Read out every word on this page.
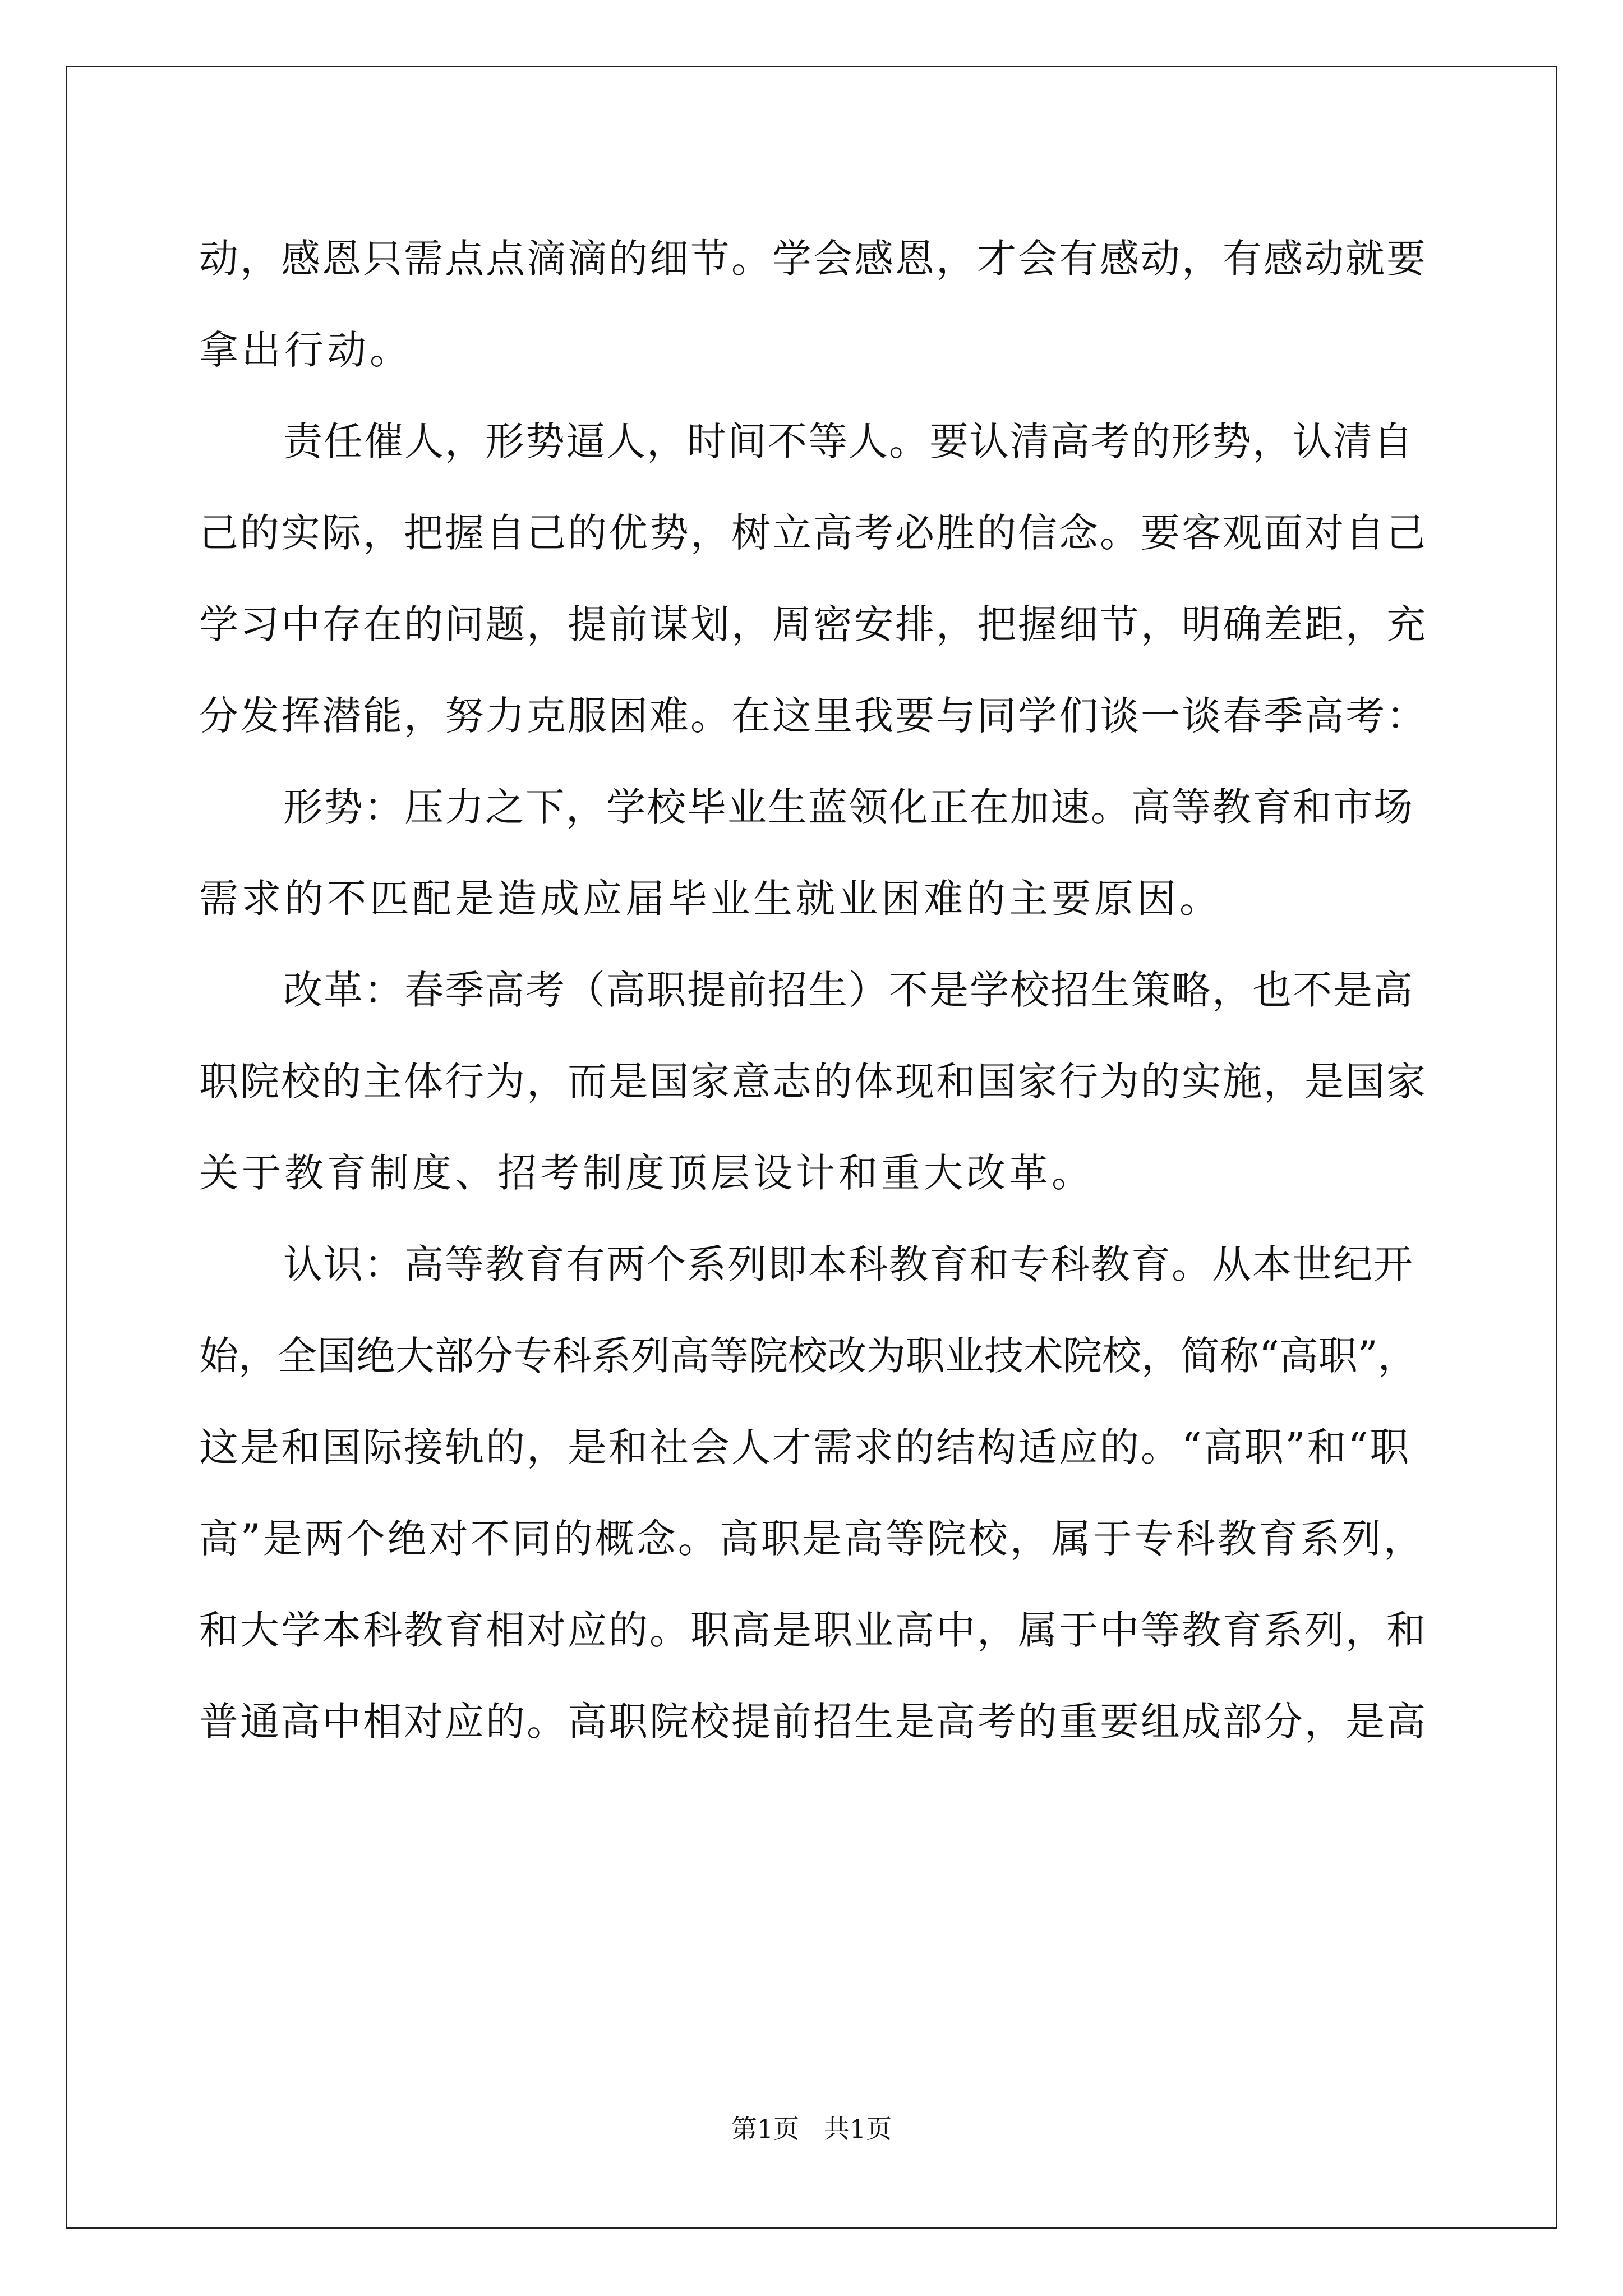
动，感恩只需点点滴滴的细节。学会感恩，才会有感动，有感动就要
拿出行动。
责任催人，形势逼人，时间不等人。要认清高考的形势，认清自
己的实际，把握自己的优势，树立高考必胜的信念。要客观面对自己
学习中存在的问题，提前谋划，周密安排，把握细节，明确差距，充
分发挥潜能，努力克服困难。在这里我要与同学们谈一谈春季高考：
形势：压力之下，学校毕业生蓝领化正在加速。高等教育和市场
需求的不匹配是造成应届毕业生就业困难的主要原因。
改革：春季高考（高职提前招生）不是学校招生策略，也不是高
职院校的主体行为，而是国家意志的体现和国家行为的实施，是国家
关于教育制度、招考制度顶层设计和重大改革。
认识：高等教育有两个系列即本科教育和专科教育。从本世纪开
始，全国绝大部分专科系列高等院校改为职业技术院校，简称“高职”，
这是和国际接轨的，是和社会人才需求的结构适应的。“高职”和“职
高”是两个绝对不同的概念。高职是高等院校，属于专科教育系列，
和大学本科教育相对应的。职高是职业高中，属于中等教育系列，和
普通高中相对应的。高职院校提前招生是高考的重要组成部分，是高
第1页   共1页
